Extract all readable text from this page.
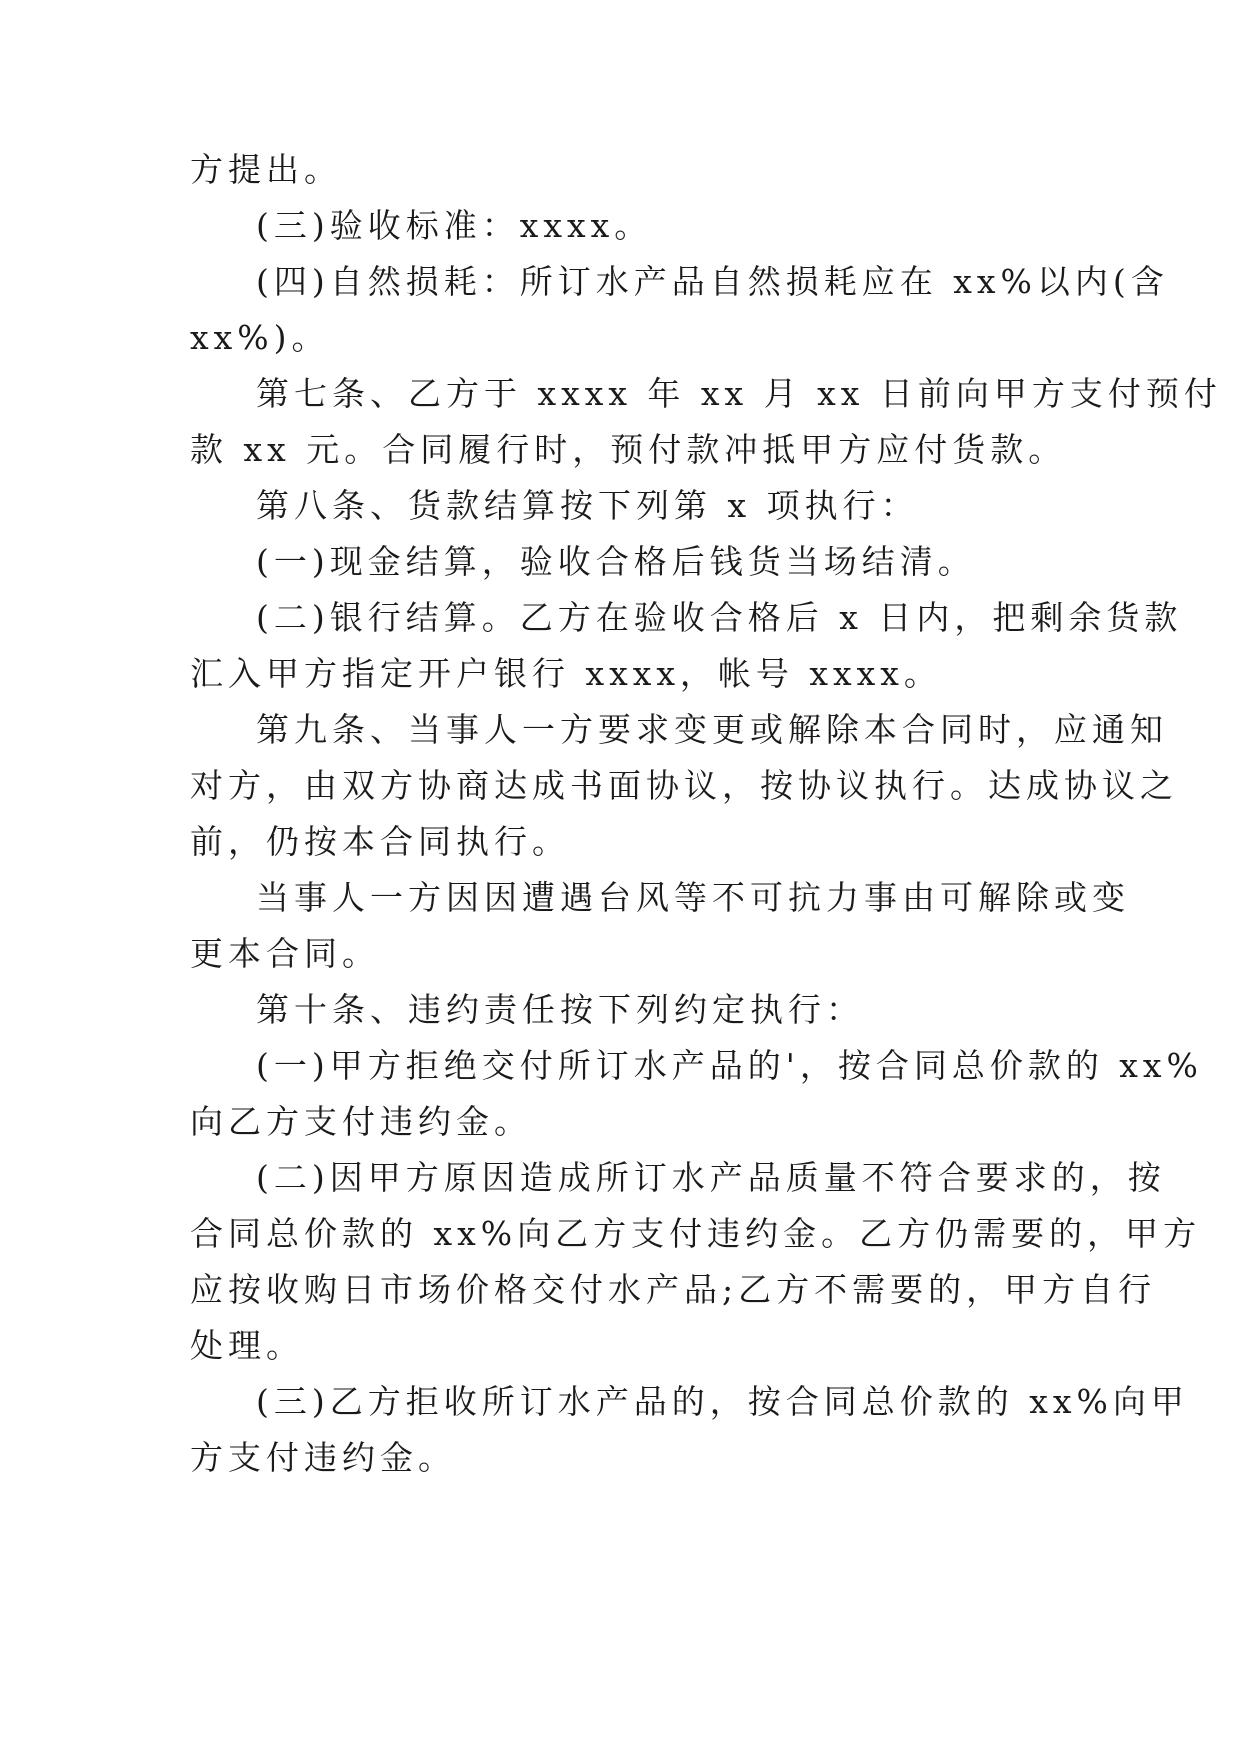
方提出。
(三)验收标准：xxxx。
(四)自然损耗：所订水产品自然损耗应在 xx%以内(含
xx%)。
第七条、乙方于 xxxx 年 xx 月 xx 日前向甲方支付预付
款 xx 元。合同履行时，预付款冲抵甲方应付货款。
第八条、货款结算按下列第 x 项执行：
(一)现金结算，验收合格后钱货当场结清。
(二)银行结算。乙方在验收合格后 x 日内，把剩余货款
汇入甲方指定开户银行 xxxx，帐号 xxxx。
第九条、当事人一方要求变更或解除本合同时，应通知
对方，由双方协商达成书面协议，按协议执行。达成协议之
前，仍按本合同执行。
当事人一方因因遭遇台风等不可抗力事由可解除或变
更本合同。
第十条、违约责任按下列约定执行：
(一)甲方拒绝交付所订水产品的'，按合同总价款的 xx%
向乙方支付违约金。
(二)因甲方原因造成所订水产品质量不符合要求的，按
合同总价款的 xx%向乙方支付违约金。乙方仍需要的，甲方
应按收购日市场价格交付水产品;乙方不需要的，甲方自行
处理。
(三)乙方拒收所订水产品的，按合同总价款的 xx%向甲
方支付违约金。
